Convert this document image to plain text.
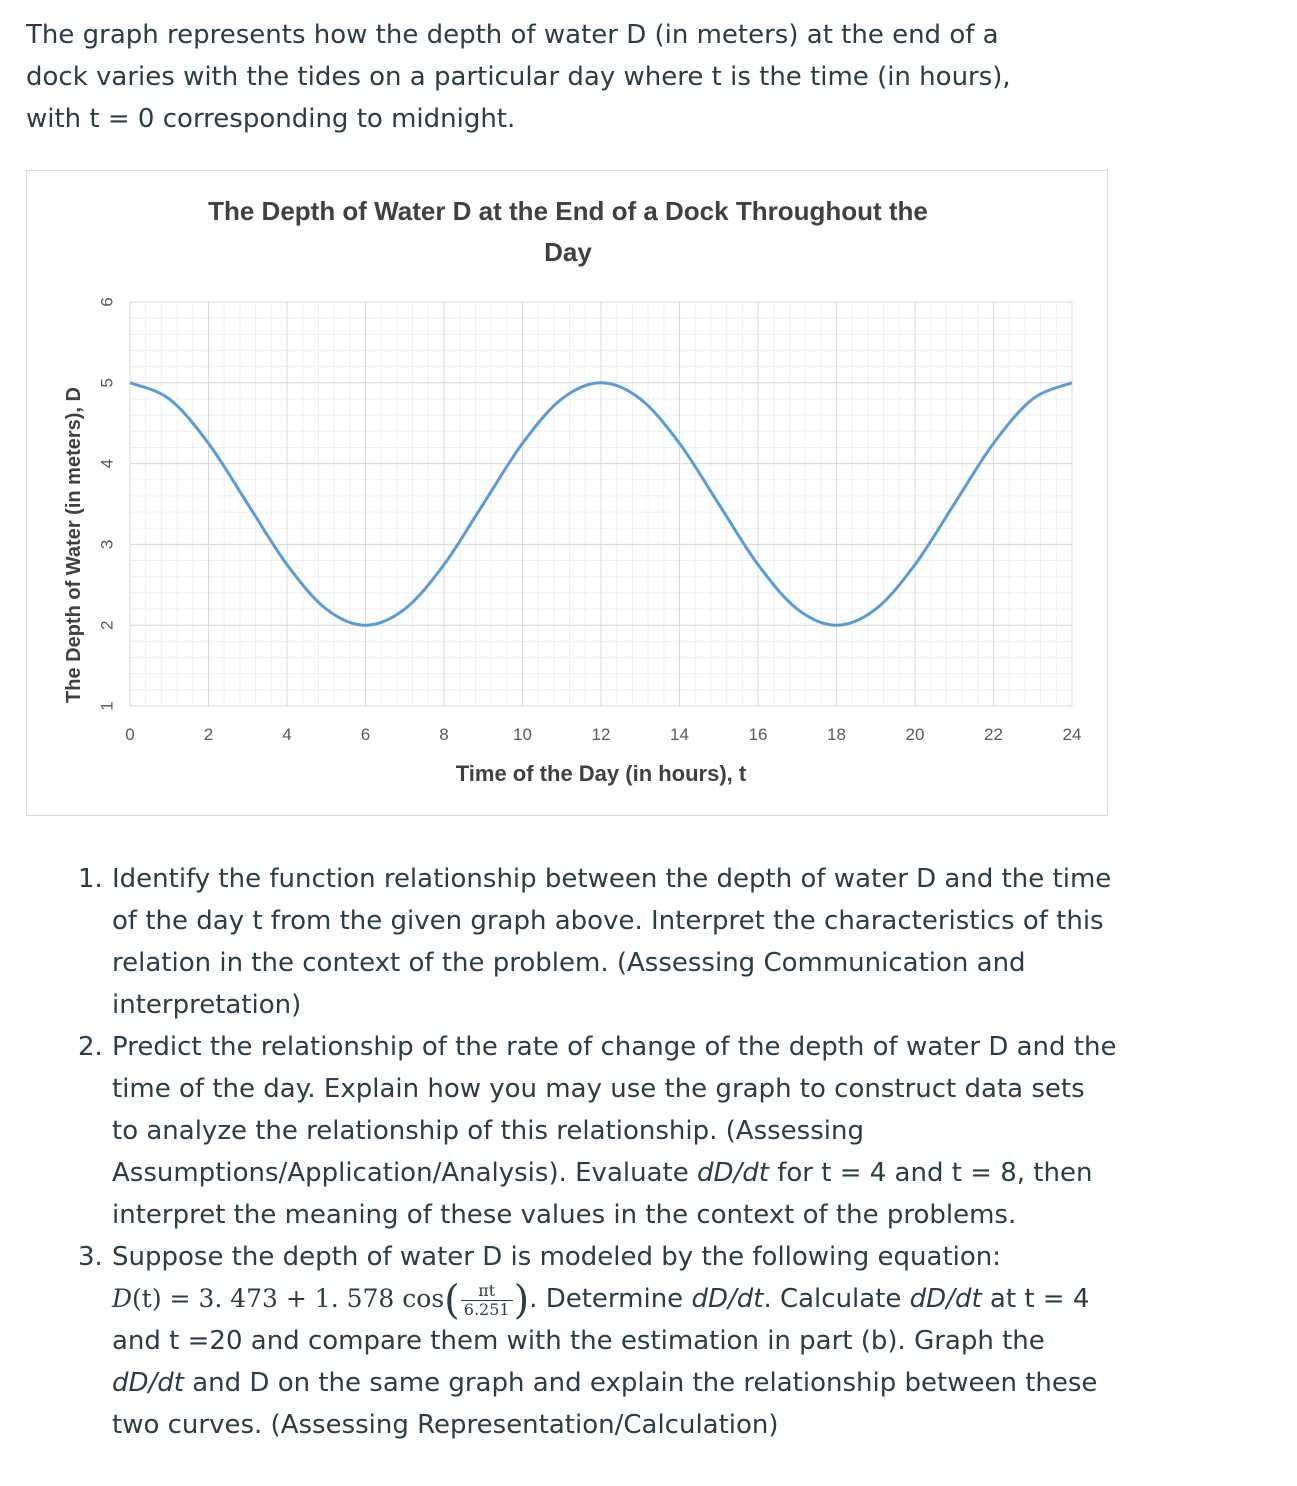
The graph represents how the depth of water D (in meters) at the end of a dock varies with the tides on a particular day where t is the time (in hours), with t = 0 corresponding to midnight.

The Depth of Water D at the End of a Dock Throughout the
Day
0	2	4	6	8	10	12	14	16	18	20	22	24
1
2
3
4
5
6
Time of the Day (in hours), t
The Depth of Water (in meters), D
1. Identify the function relationship between the depth of water D and the time of the day t from the given graph above. Interpret the characteristics of this relation in the context of the problem. (Assessing Communication and interpretation)
2. Predict the relationship of the rate of change of the depth of water D and the time of the day. Explain how you may use the graph to construct data sets to analyze the relationship of this relationship. (Assessing Assumptions/Application/Analysis). Evaluate dD/dt for t = 4 and t = 8, then interpret the meaning of these values in the context of the problems.
3. Suppose the depth of water D is modeled by the following equation:
D(t) = 3. 473 + 1. 578 $\cos( \frac{\pi t}{6.251}$ ). Determine dD/dt. Calculate dD/dt at t = 4 and t =20 and compare them with the estimation in part (b). Graph the dD/dt and D on the same graph and explain the relationship between these two curves. (Assessing Representation/Calculation)
